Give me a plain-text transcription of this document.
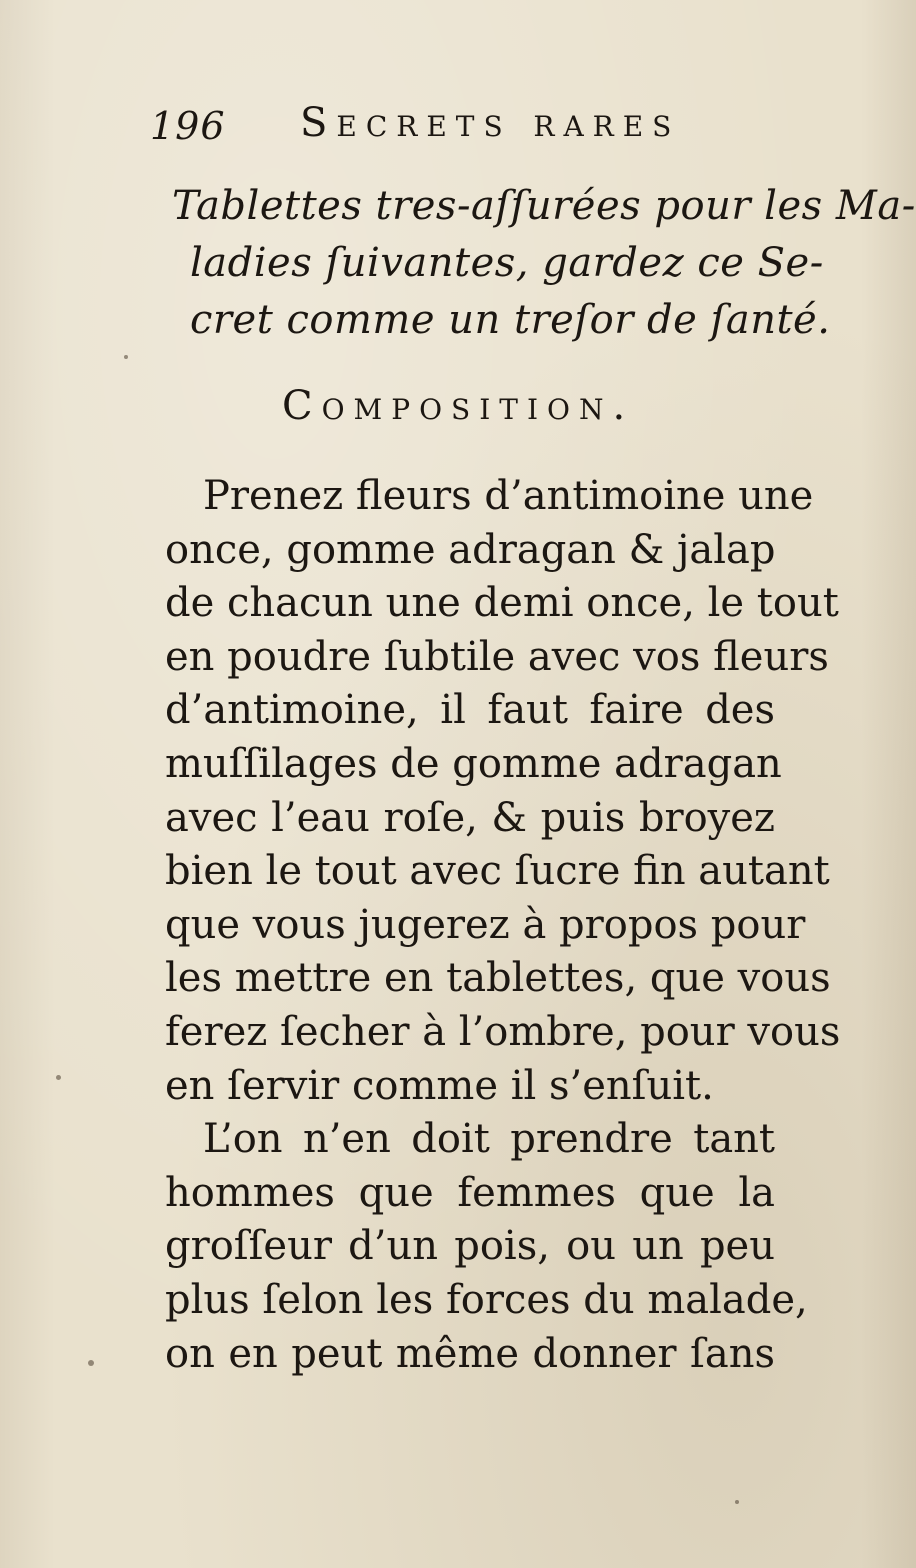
196 Secrets rares
Tablettes tres-aſſurées pour les Ma-
ladies ſuivantes, gardez ce Se-
cret comme un treſor de ſanté.
Composition.
Prenez fleurs d’antimoine une
once, gomme adragan & jalap
de chacun une demi once, le tout
en poudre ſubtile avec vos fleurs
d’antimoine, il faut faire des
muſſilages de gomme adragan
avec l’eau roſe, & puis broyez
bien le tout avec ſucre fin autant
que vous jugerez à propos pour
les mettre en tablettes, que vous
ferez ſecher à l’ombre, pour vous
en ſervir comme il s’enſuit.
L’on n’en doit prendre tant
hommes que femmes que la
groſſeur d’un pois, ou un peu
plus ſelon les forces du malade,
on en peut même donner ſans
